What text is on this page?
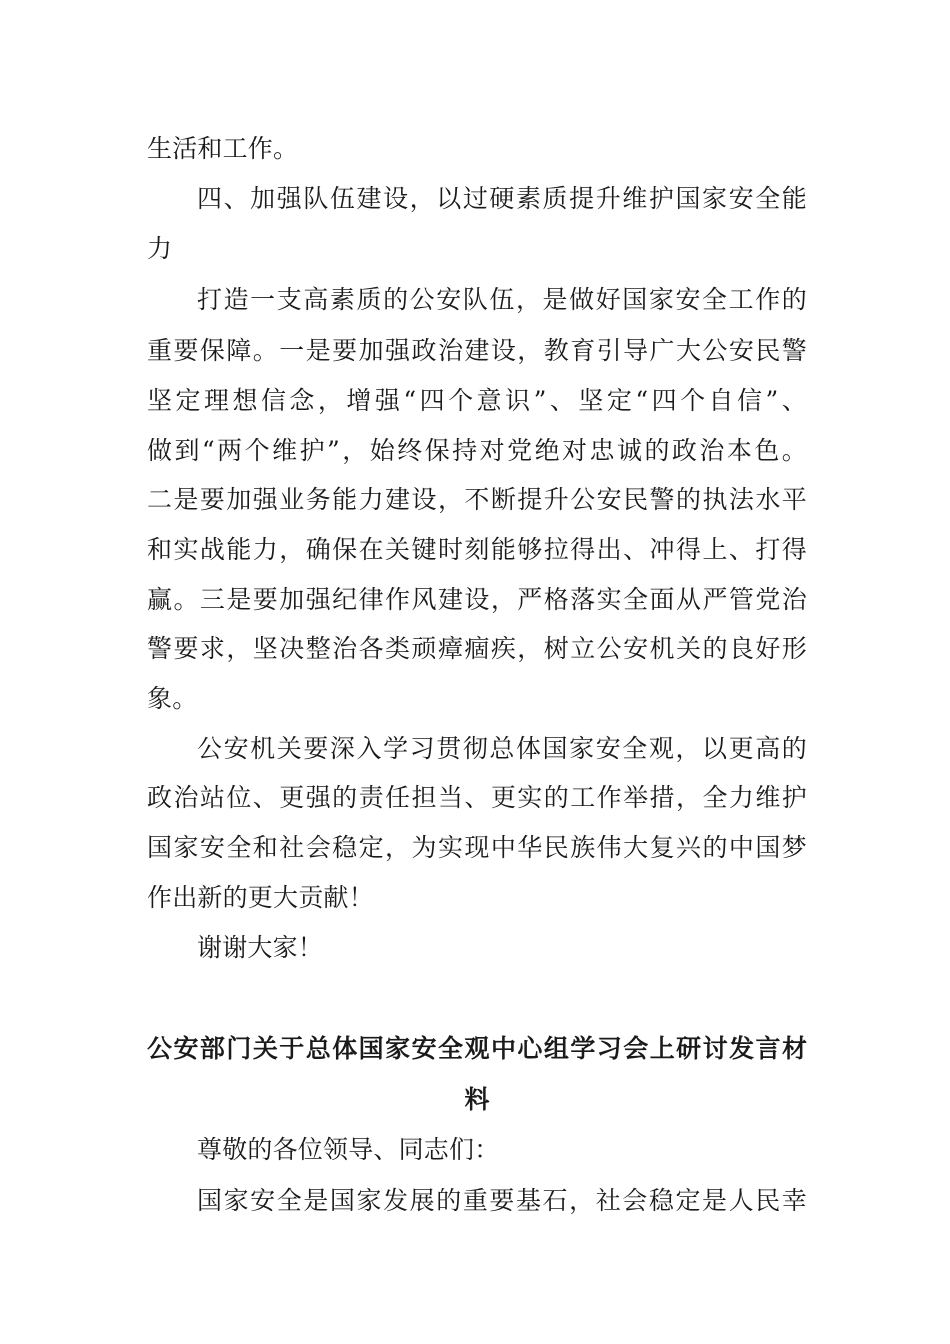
生活和工作。
四、加强队伍建设，以过硬素质提升维护国家安全能
力
打造一支高素质的公安队伍，是做好国家安全工作的
重要保障。一是要加强政治建设，教育引导广大公安民警
坚定理想信念，增强“四个意识”、坚定“四个自信”、
做到“两个维护”，始终保持对党绝对忠诚的政治本色。
二是要加强业务能力建设，不断提升公安民警的执法水平
和实战能力，确保在关键时刻能够拉得出、冲得上、打得
赢。三是要加强纪律作风建设，严格落实全面从严管党治
警要求，坚决整治各类顽瘴痼疾，树立公安机关的良好形
象。
公安机关要深入学习贯彻总体国家安全观，以更高的
政治站位、更强的责任担当、更实的工作举措，全力维护
国家安全和社会稳定，为实现中华民族伟大复兴的中国梦
作出新的更大贡献！
谢谢大家！
公安部门关于总体国家安全观中心组学习会上研讨发言材
料
尊敬的各位领导、同志们：
国家安全是国家发展的重要基石，社会稳定是人民幸
